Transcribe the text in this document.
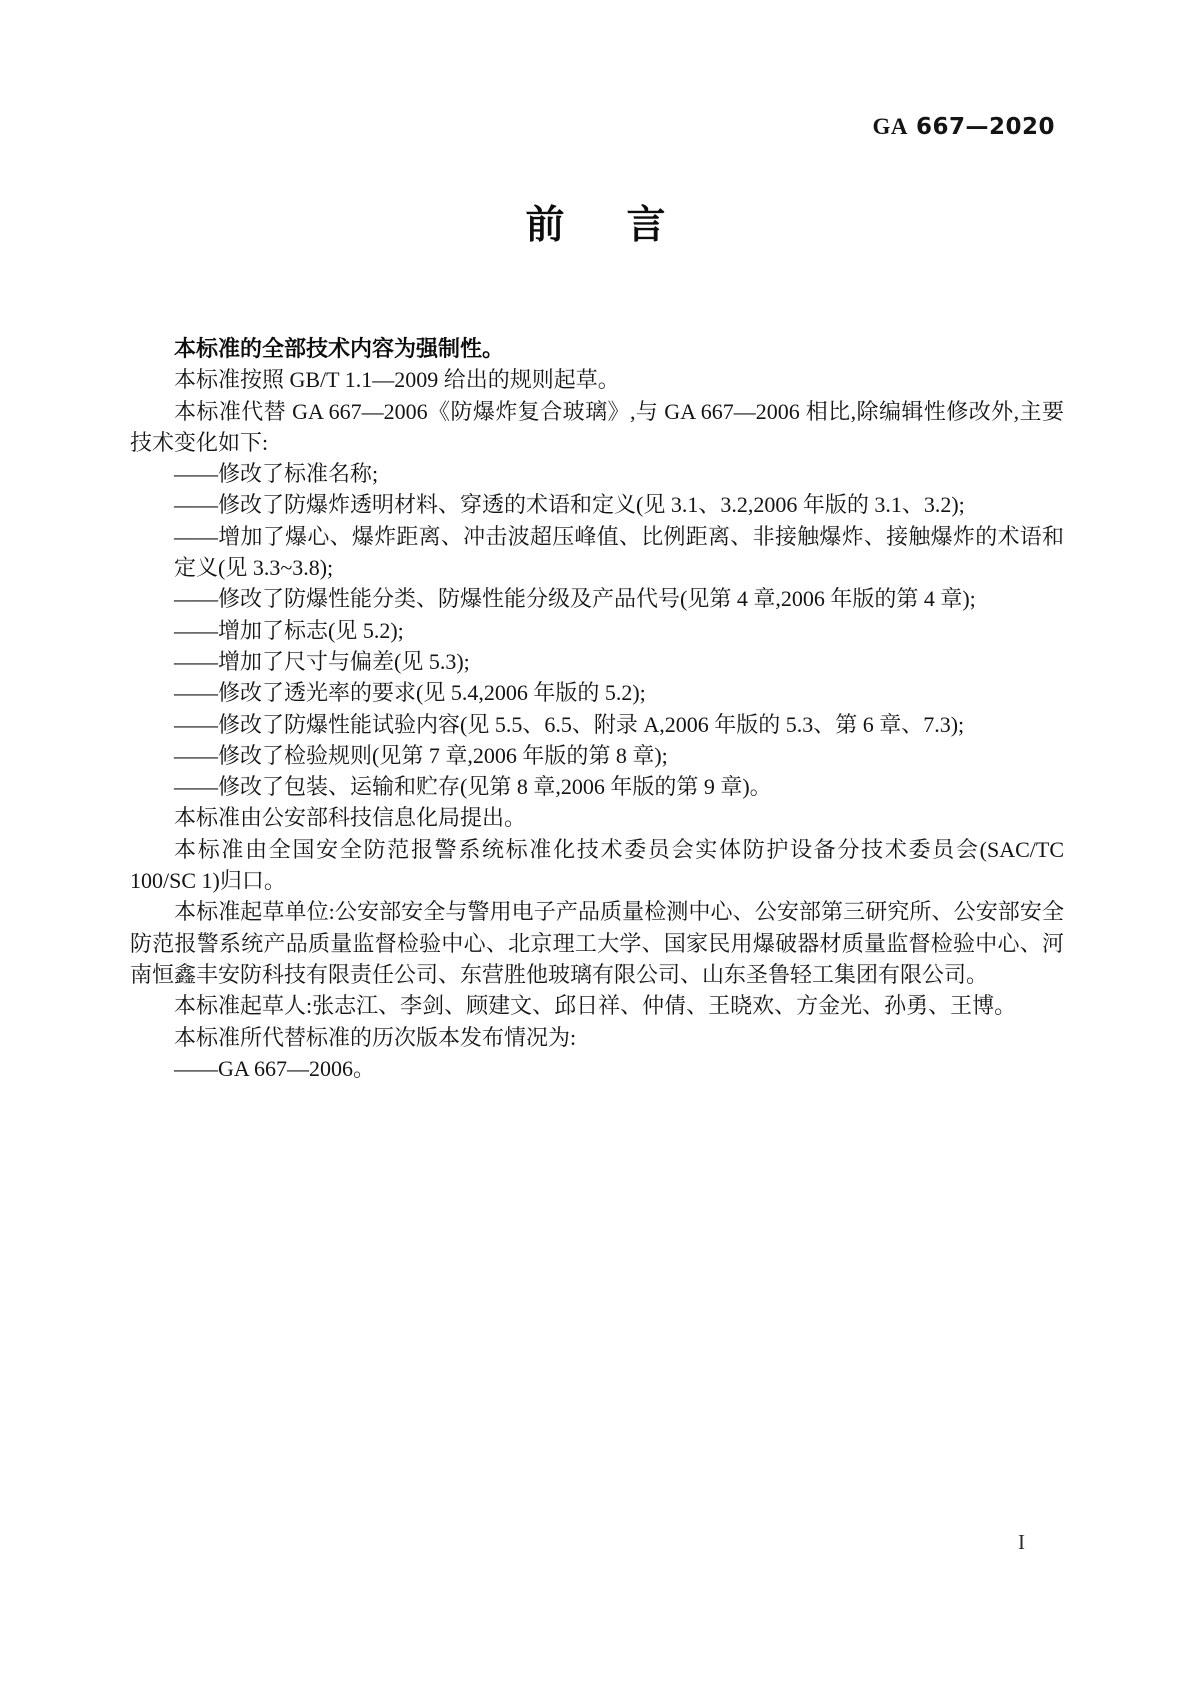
GA 667—2020
前 言

本标准的全部技术内容为强制性。

本标准按照 GB/T 1.1—2009 给出的规则起草。

本标准代替 GA 667—2006《防爆炸复合玻璃》,与 GA 667—2006 相比,除编辑性修改外,主要技术变化如下:

——修改了标准名称;

——修改了防爆炸透明材料、穿透的术语和定义(见 3.1、3.2,2006 年版的 3.1、3.2);

——增加了爆心、爆炸距离、冲击波超压峰值、比例距离、非接触爆炸、接触爆炸的术语和定义(见 3.3~3.8);

——修改了防爆性能分类、防爆性能分级及产品代号(见第 4 章,2006 年版的第 4 章);

——增加了标志(见 5.2);

——增加了尺寸与偏差(见 5.3);

——修改了透光率的要求(见 5.4,2006 年版的 5.2);

——修改了防爆性能试验内容(见 5.5、6.5、附录 A,2006 年版的 5.3、第 6 章、7.3);

——修改了检验规则(见第 7 章,2006 年版的第 8 章);

——修改了包装、运输和贮存(见第 8 章,2006 年版的第 9 章)。

本标准由公安部科技信息化局提出。

本标准由全国安全防范报警系统标准化技术委员会实体防护设备分技术委员会(SAC/TC 100/SC 1)归口。

本标准起草单位:公安部安全与警用电子产品质量检测中心、公安部第三研究所、公安部安全防范报警系统产品质量监督检验中心、北京理工大学、国家民用爆破器材质量监督检验中心、河南恒鑫丰安防科技有限责任公司、东营胜他玻璃有限公司、山东圣鲁轻工集团有限公司。

本标准起草人:张志江、李剑、顾建文、邱日祥、仲倩、王晓欢、方金光、孙勇、王博。

本标准所代替标准的历次版本发布情况为:

——GA 667—2006。

I
